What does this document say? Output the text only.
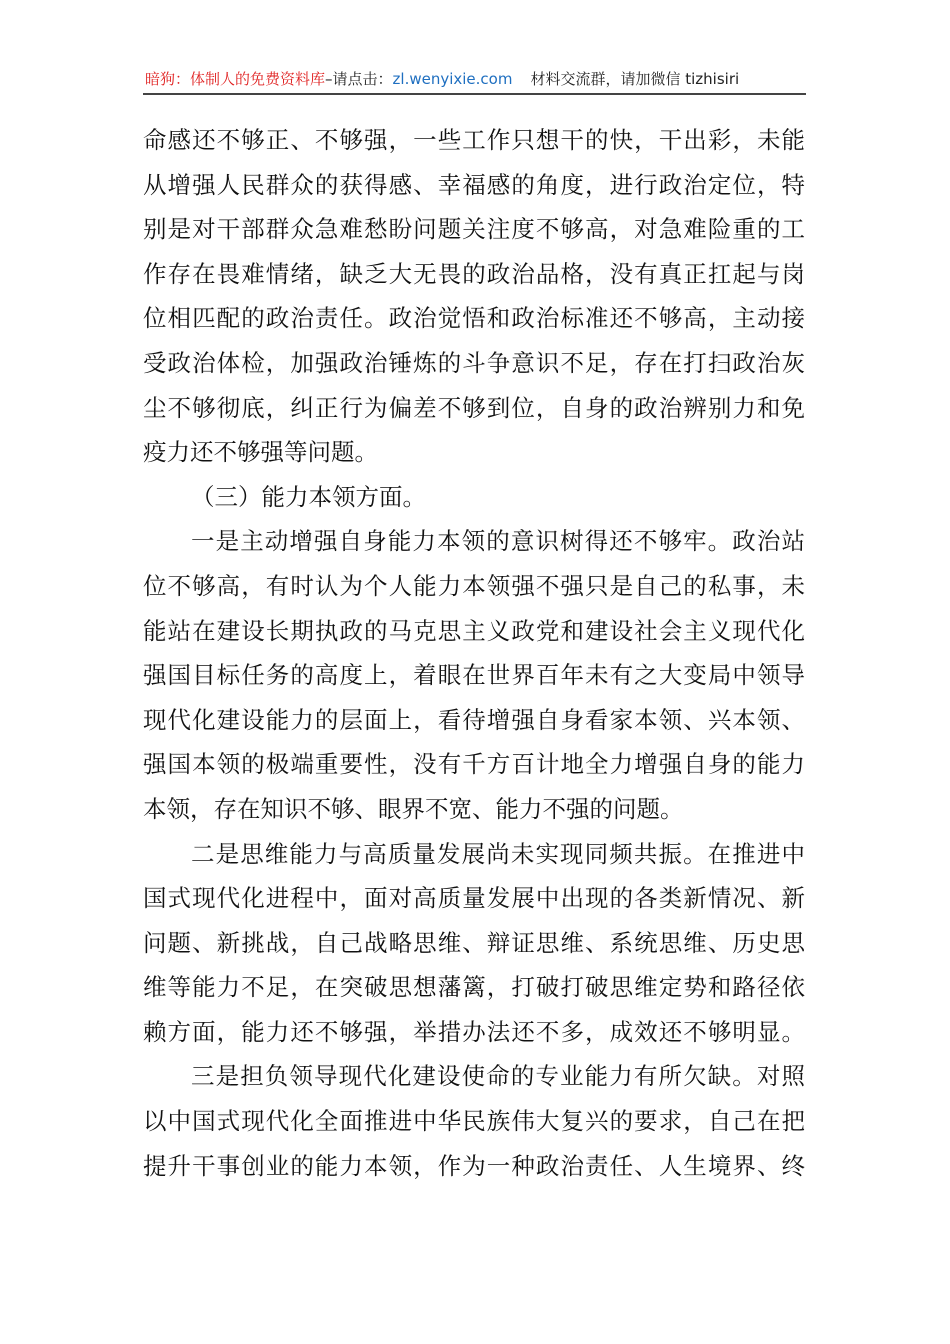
暗狗：体制人的免费资料库–请点击：zl.wenyixie.com 材料交流群，请加微信 tizhisiri
命感还不够正、不够强，一些工作只想干的快，干出彩，未能
从增强人民群众的获得感、幸福感的角度，进行政治定位，特
别是对干部群众急难愁盼问题关注度不够高，对急难险重的工
作存在畏难情绪，缺乏大无畏的政治品格，没有真正扛起与岗
位相匹配的政治责任。政治觉悟和政治标准还不够高，主动接
受政治体检，加强政治锤炼的斗争意识不足，存在打扫政治灰
尘不够彻底，纠正行为偏差不够到位，自身的政治辨别力和免
疫力还不够强等问题。
（三）能力本领方面。
一是主动增强自身能力本领的意识树得还不够牢。政治站
位不够高，有时认为个人能力本领强不强只是自己的私事，未
能站在建设长期执政的马克思主义政党和建设社会主义现代化
强国目标任务的高度上，着眼在世界百年未有之大变局中领导
现代化建设能力的层面上，看待增强自身看家本领、兴本领、
强国本领的极端重要性，没有千方百计地全力增强自身的能力
本领，存在知识不够、眼界不宽、能力不强的问题。
二是思维能力与高质量发展尚未实现同频共振。在推进中
国式现代化进程中，面对高质量发展中出现的各类新情况、新
问题、新挑战，自己战略思维、辩证思维、系统思维、历史思
维等能力不足，在突破思想藩篱，打破打破思维定势和路径依
赖方面，能力还不够强，举措办法还不多，成效还不够明显。
三是担负领导现代化建设使命的专业能力有所欠缺。对照
以中国式现代化全面推进中华民族伟大复兴的要求，自己在把
提升干事创业的能力本领，作为一种政治责任、人生境界、终
